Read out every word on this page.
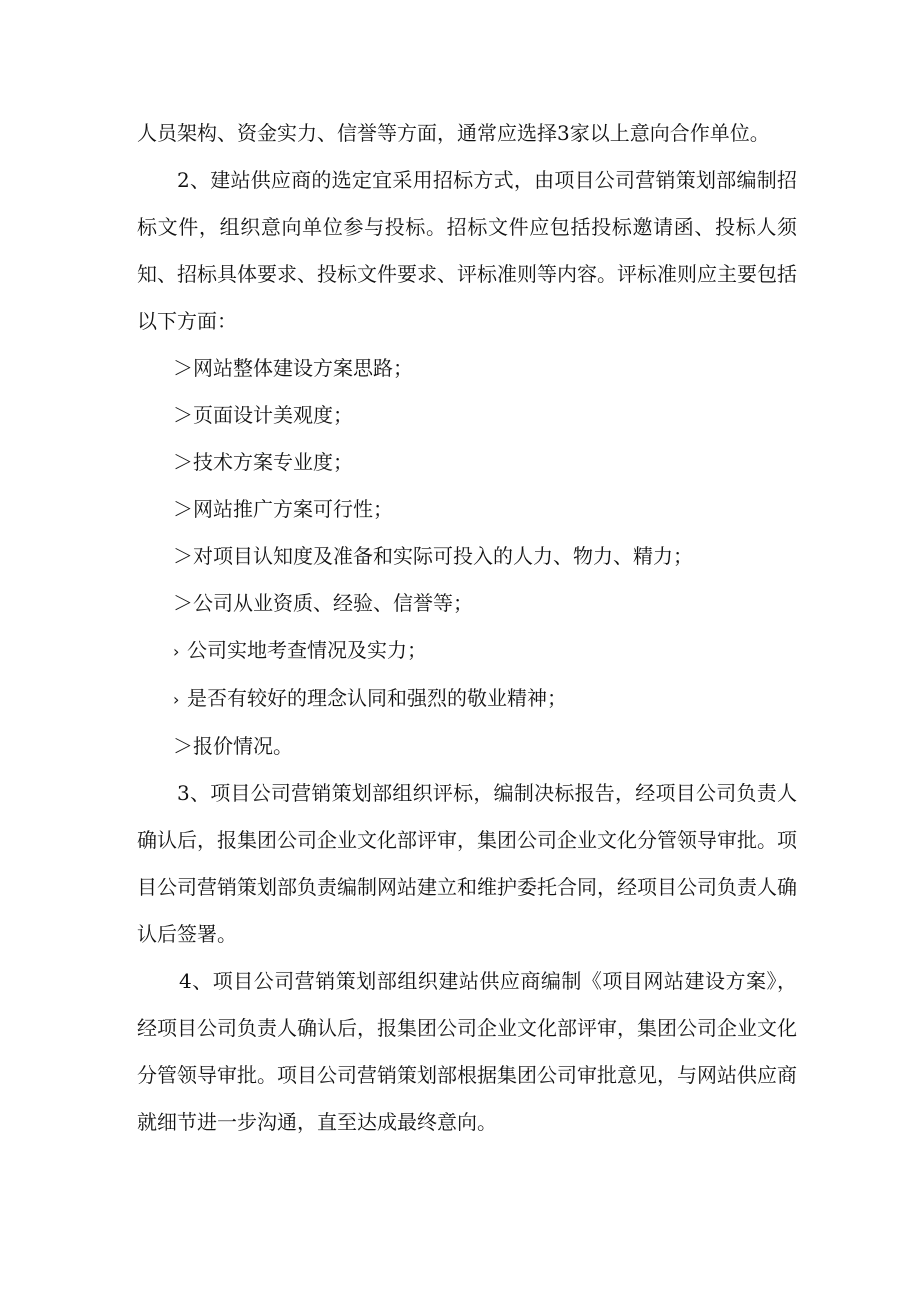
人员架构、资金实力、信誉等方面，通常应选择3家以上意向合作单位。

2、建站供应商的选定宜采用招标方式，由项目公司营销策划部编制招标文件，组织意向单位参与投标。招标文件应包括投标邀请函、投标人须知、招标具体要求、投标文件要求、评标准则等内容。评标准则应主要包括以下方面：

＞网站整体建设方案思路；

＞页面设计美观度；

＞技术方案专业度；

＞网站推广方案可行性；

＞对项目认知度及准备和实际可投入的人力、物力、精力；

＞公司从业资质、经验、信誉等；

› 公司实地考查情况及实力；

› 是否有较好的理念认同和强烈的敬业精神；

＞报价情况。

3、项目公司营销策划部组织评标，编制决标报告，经项目公司负责人确认后，报集团公司企业文化部评审，集团公司企业文化分管领导审批。项目公司营销策划部负责编制网站建立和维护委托合同，经项目公司负责人确认后签署。

4、项目公司营销策划部组织建站供应商编制《项目网站建设方案》，经项目公司负责人确认后，报集团公司企业文化部评审，集团公司企业文化分管领导审批。项目公司营销策划部根据集团公司审批意见，与网站供应商就细节进一步沟通，直至达成最终意向。
